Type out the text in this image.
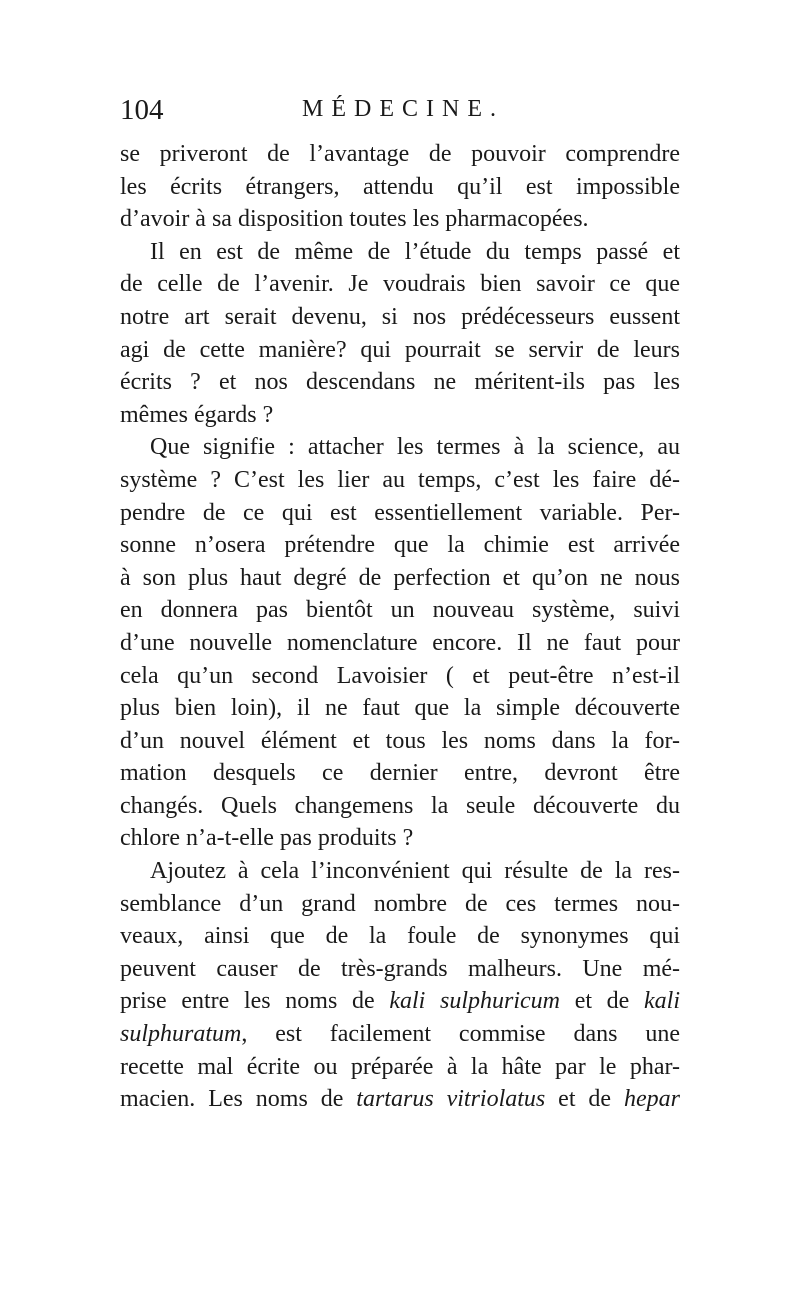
104	MÉDECINE.
se priveront de l’avantage de pouvoir comprendre
les écrits étrangers, attendu qu’il est impossible
d’avoir à sa disposition toutes les pharmacopées.
Il en est de même de l’étude du temps passé et
de celle de l’avenir. Je voudrais bien savoir ce que
notre art serait devenu, si nos prédécesseurs eussent
agi de cette manière? qui pourrait se servir de leurs
écrits ? et nos descendans ne méritent-ils pas les
mêmes égards ?
Que signifie : attacher les termes à la science, au
système ? C’est les lier au temps, c’est les faire dé-
pendre de ce qui est essentiellement variable. Per-
sonne n’osera prétendre que la chimie est arrivée
à son plus haut degré de perfection et qu’on ne nous
en donnera pas bientôt un nouveau système, suivi
d’une nouvelle nomenclature encore. Il ne faut pour
cela qu’un second Lavoisier ( et peut-être n’est-il
plus bien loin), il ne faut que la simple découverte
d’un nouvel élément et tous les noms dans la for-
mation desquels ce dernier entre, devront être
changés. Quels changemens la seule découverte du
chlore n’a-t-elle pas produits ?
Ajoutez à cela l’inconvénient qui résulte de la res-
semblance d’un grand nombre de ces termes nou-
veaux, ainsi que de la foule de synonymes qui
peuvent causer de très-grands malheurs. Une mé-
prise entre les noms de kali sulphuricum et de kali
sulphuratum, est facilement commise dans une
recette mal écrite ou préparée à la hâte par le phar-
macien. Les noms de tartarus vitriolatus et de hepar
